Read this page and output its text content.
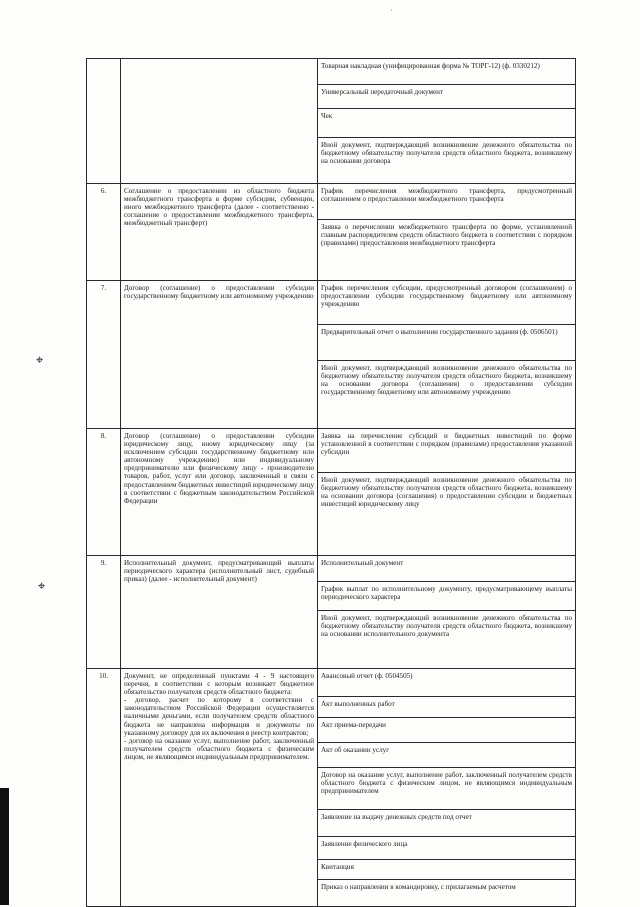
·
⌖
⌖
		Товарная накладная (унифицированная форма № ТОРГ-12) (ф. 0330212)
		Универсальный передаточный документ
		Чек
		Иной документ, подтверждающий возникновение денежного обязательства по бюджетному обязательству получателя средств областного бюджета, возникшему на основании договора
6.	Соглашение о предоставлении из областного бюджета межбюджетного трансферта в форме субсидии, субвенции, иного межбюджетного трансферта (далее - соответственно - соглашение о предоставлении межбюджетного трансферта, межбюджетный трансферт)	График перечисления межбюджетного трансферта, предусмотренный соглашением о предоставлении межбюджетного трансферта
		Заявка о перечислении межбюджетного трансферта по форме, установленной главным распорядителем средств областного бюджета в соответствии с порядком (правилами) предоставления межбюджетного трансферта
7.	Договор (соглашение) о предоставлении субсидии государственному бюджетному или автономному учреждению	График перечисления субсидии, предусмотренный договором (соглашением) о предоставлении субсидии государственному бюджетному или автономному учреждению
		Предварительный отчет о выполнении государственного задания (ф. 0506501)
		Иной документ, подтверждающий возникновение денежного обязательства по бюджетному обязательству получателя средств областного бюджета, возникшему на основании договора (соглашения) о предоставлении субсидии государственному бюджетному или автономному учреждению
8.	Договор (соглашение) о предоставлении субсидии юридическому лицу, иному юридическому лицу (за исключением субсидии государственному бюджетному или автономному учреждению) или индивидуальному предпринимателю или физическому лицу - производителю товаров, работ, услуг или договор, заключенный в связи с предоставлением бюджетных инвестиций юридическому лицу в соответствии с бюджетным законодательством Российской Федерации	Заявка на перечисление субсидий и бюджетных инвестиций по форме установленной в соответствии с порядком (правилами) предоставления указанной субсидии
		Иной документ, подтверждающий возникновение денежного обязательства по бюджетному обязательству получателя средств областного бюджета, возникшему на основании договора (соглашения) о предоставлении субсидии и бюджетных инвестиций юридическому лицу
9.	Исполнительный документ, предусматривающий выплаты периодического характера (исполнительный лист, судебный приказ) (далее - исполнительный документ)	Исполнительный документ
		График выплат по исполнительному документу, предусматривающему выплаты периодического характера
		Иной документ, подтверждающий возникновение денежного обязательства по бюджетному обязательству получателя средств областного бюджета, возникшему на основании исполнительного документа
10.	Документ, не определенный пунктами 4 - 9 настоящего перечня, в соответствии с которым возникает бюджетное обязательство получателя средств областного бюджета:
- договор, расчет по которому в соответствии с законодательством Российской Федерации осуществляется наличными деньгами, если получателем средств областного бюджета не направлена информация и документы по указанному договору для их включения в реестр контрактов;
- договор на оказание услуг, выполнение работ, заключенный получателем средств областного бюджета с физическим лицом, не являющимся индивидуальным предпринимателем.	Авансовый отчет (ф. 0504505)
		Акт выполненных работ
		Акт приема-передачи
		Акт об оказании услуг
		Договор на оказание услуг, выполнение работ, заключенный получателем средств областного бюджета с физическим лицом, не являющимся индивидуальным предпринимателем
		Заявление на выдачу денежных средств под отчет
		Заявление физического лица
		Квитанция
		Приказ о направлении в командировку, с прилагаемым расчетом
